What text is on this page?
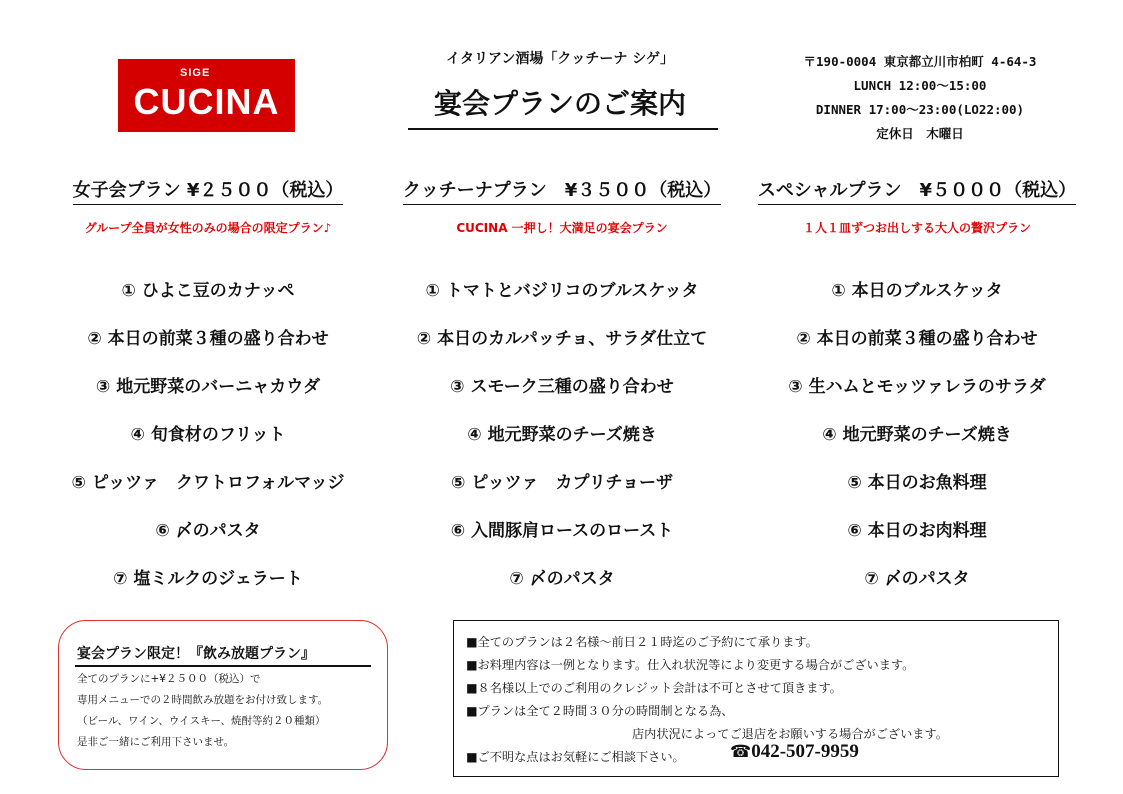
SIGE
CUCINA
イタリアン酒場「クッチーナ シゲ」
宴会プランのご案内
〒190-0004 東京都立川市柏町 4-64-3
LUNCH 12:00～15:00
DINNER 17:00～23:00(LO22:00)
定休日　木曜日
女子会プラン ¥２５００（税込）
グループ全員が女性のみの場合の限定プラン♪
① ひよこ豆のカナッペ
② 本日の前菜３種の盛り合わせ
③ 地元野菜のバーニャカウダ
④ 旬食材のフリット
⑤ ピッツァ　クワトロフォルマッジ
⑥ 〆のパスタ
⑦ 塩ミルクのジェラート
クッチーナプラン　¥３５００（税込）
CUCINA 一押し！大満足の宴会プラン
① トマトとバジリコのブルスケッタ
② 本日のカルパッチョ、サラダ仕立て
③ スモーク三種の盛り合わせ
④ 地元野菜のチーズ焼き
⑤ ピッツァ　カプリチョーザ
⑥ 入間豚肩ロースのロースト
⑦ 〆のパスタ
スペシャルプラン　¥５０００（税込）
１人１皿ずつお出しする大人の贅沢プラン
① 本日のブルスケッタ
② 本日の前菜３種の盛り合わせ
③ 生ハムとモッツァレラのサラダ
④ 地元野菜のチーズ焼き
⑤ 本日のお魚料理
⑥ 本日のお肉料理
⑦ 〆のパスタ
宴会プラン限定！『飲み放題プラン』
全てのプランに+¥２５００（税込）で
専用メニューでの２時間飲み放題をお付け致します。
（ビール、ワイン、ウイスキー、焼酎等約２０種類）
是非ご一緒にご利用下さいませ。
■全てのプランは２名様～前日２１時迄のご予約にて承ります。
■お料理内容は一例となります。仕入れ状況等により変更する場合がございます。
■８名様以上でのご利用のクレジット会計は不可とさせて頂きます。
■プランは全て２時間３０分の時間制となる為、
店内状況によってご退店をお願いする場合がございます。
■ご不明な点はお気軽にご相談下さい。	☎042-507-9959
